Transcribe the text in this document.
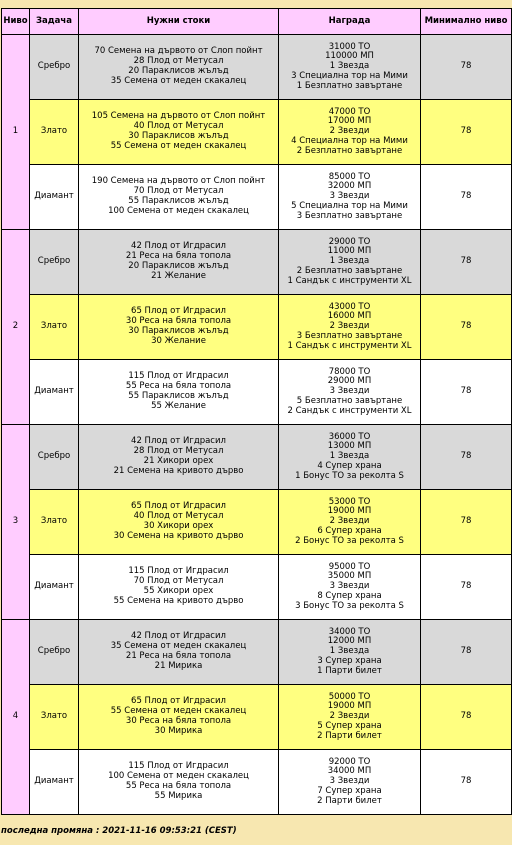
Ниво	Задача	Нужни стоки	Награда	Минимално ниво
1	Сребро	70 Семена на дървото от Слоп пойнт
28 Плод от Метусал
20 Параклисов жълъд
35 Семена от меден скакалец	31000 ТО
110000 МП
1 Звезда
3 Специална тор на Мими
1 Безплатно завъртане	78
	Злато	105 Семена на дървото от Слоп пойнт
40 Плод от Метусал
30 Параклисов жълъд
55 Семена от меден скакалец	47000 ТО
17000 МП
2 Звезди
4 Специална тор на Мими
2 Безплатно завъртане	78
	Диамант	190 Семена на дървото от Слоп пойнт
70 Плод от Метусал
55 Параклисов жълъд
100 Семена от меден скакалец	85000 ТО
32000 МП
3 Звезди
5 Специална тор на Мими
3 Безплатно завъртане	78
2	Сребро	42 Плод от Игдрасил
21 Реса на бяла топола
20 Параклисов жълъд
21 Желание	29000 ТО
11000 МП
1 Звезда
2 Безплатно завъртане
1 Сандък с инструменти XL	78
	Злато	65 Плод от Игдрасил
30 Реса на бяла топола
30 Параклисов жълъд
30 Желание	43000 ТО
16000 МП
2 Звезди
3 Безплатно завъртане
1 Сандък с инструменти XL	78
	Диамант	115 Плод от Игдрасил
55 Реса на бяла топола
55 Параклисов жълъд
55 Желание	78000 ТО
29000 МП
3 Звезди
5 Безплатно завъртане
2 Сандък с инструменти XL	78
3	Сребро	42 Плод от Игдрасил
28 Плод от Метусал
21 Хикори орех
21 Семена на кривото дърво	36000 ТО
13000 МП
1 Звезда
4 Супер храна
1 Бонус ТО за реколта S	78
	Злато	65 Плод от Игдрасил
40 Плод от Метусал
30 Хикори орех
30 Семена на кривото дърво	53000 ТО
19000 МП
2 Звезди
6 Супер храна
2 Бонус ТО за реколта S	78
	Диамант	115 Плод от Игдрасил
70 Плод от Метусал
55 Хикори орех
55 Семена на кривото дърво	95000 ТО
35000 МП
3 Звезди
8 Супер храна
3 Бонус ТО за реколта S	78
4	Сребро	42 Плод от Игдрасил
35 Семена от меден скакалец
21 Реса на бяла топола
21 Мирика	34000 ТО
12000 МП
1 Звезда
3 Супер храна
1 Парти билет	78
	Злато	65 Плод от Игдрасил
55 Семена от меден скакалец
30 Реса на бяла топола
30 Мирика	50000 ТО
19000 МП
2 Звезди
5 Супер храна
2 Парти билет	78
	Диамант	115 Плод от Игдрасил
100 Семена от меден скакалец
55 Реса на бяла топола
55 Мирика	92000 ТО
34000 МП
3 Звезди
7 Супер храна
2 Парти билет	78
последна промяна : 2021-11-16 09:53:21 (CEST)
